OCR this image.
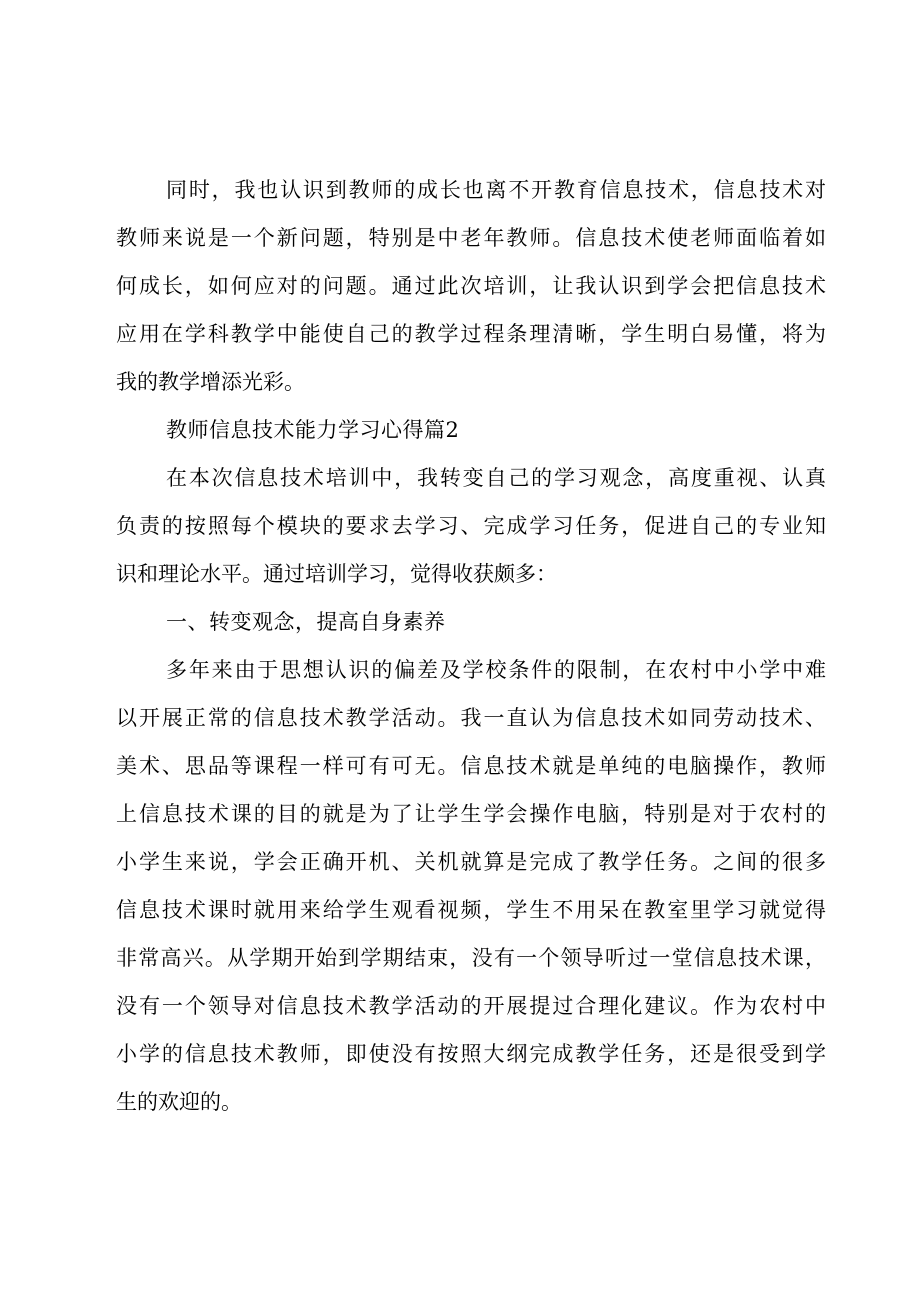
同时，我也认识到教师的成长也离不开教育信息技术，信息技术对
教师来说是一个新问题，特别是中老年教师。信息技术使老师面临着如
何成长，如何应对的问题。通过此次培训，让我认识到学会把信息技术
应用在学科教学中能使自己的教学过程条理清晰，学生明白易懂，将为
我的教学增添光彩。
教师信息技术能力学习心得篇2
在本次信息技术培训中，我转变自己的学习观念，高度重视、认真
负责的按照每个模块的要求去学习、完成学习任务，促进自己的专业知
识和理论水平。通过培训学习，觉得收获颇多：
一、转变观念，提高自身素养
多年来由于思想认识的偏差及学校条件的限制，在农村中小学中难
以开展正常的信息技术教学活动。我一直认为信息技术如同劳动技术、
美术、思品等课程一样可有可无。信息技术就是单纯的电脑操作，教师
上信息技术课的目的就是为了让学生学会操作电脑，特别是对于农村的
小学生来说，学会正确开机、关机就算是完成了教学任务。之间的很多
信息技术课时就用来给学生观看视频，学生不用呆在教室里学习就觉得
非常高兴。从学期开始到学期结束，没有一个领导听过一堂信息技术课，
没有一个领导对信息技术教学活动的开展提过合理化建议。作为农村中
小学的信息技术教师，即使没有按照大纲完成教学任务，还是很受到学
生的欢迎的。
